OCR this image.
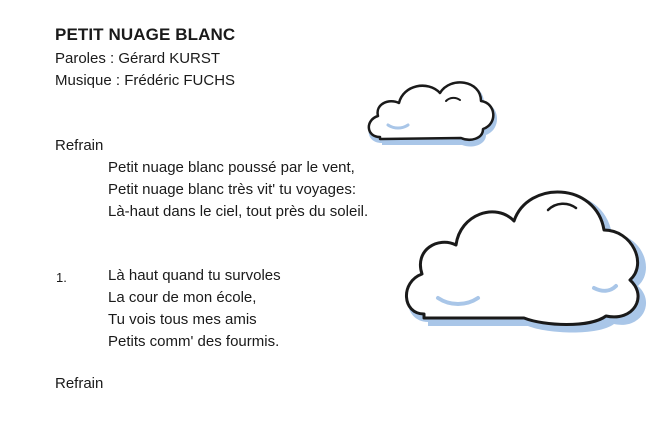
PETIT NUAGE BLANC
Paroles : Gérard KURST
Musique : Frédéric FUCHS
Refrain
Petit nuage blanc poussé par le vent,
Petit nuage blanc très vit' tu voyages:
Là-haut dans le ciel, tout près du soleil.
1.	Là haut quand tu survoles
La cour de mon école,
Tu vois tous mes amis
Petits comm' des fourmis.
Refrain
